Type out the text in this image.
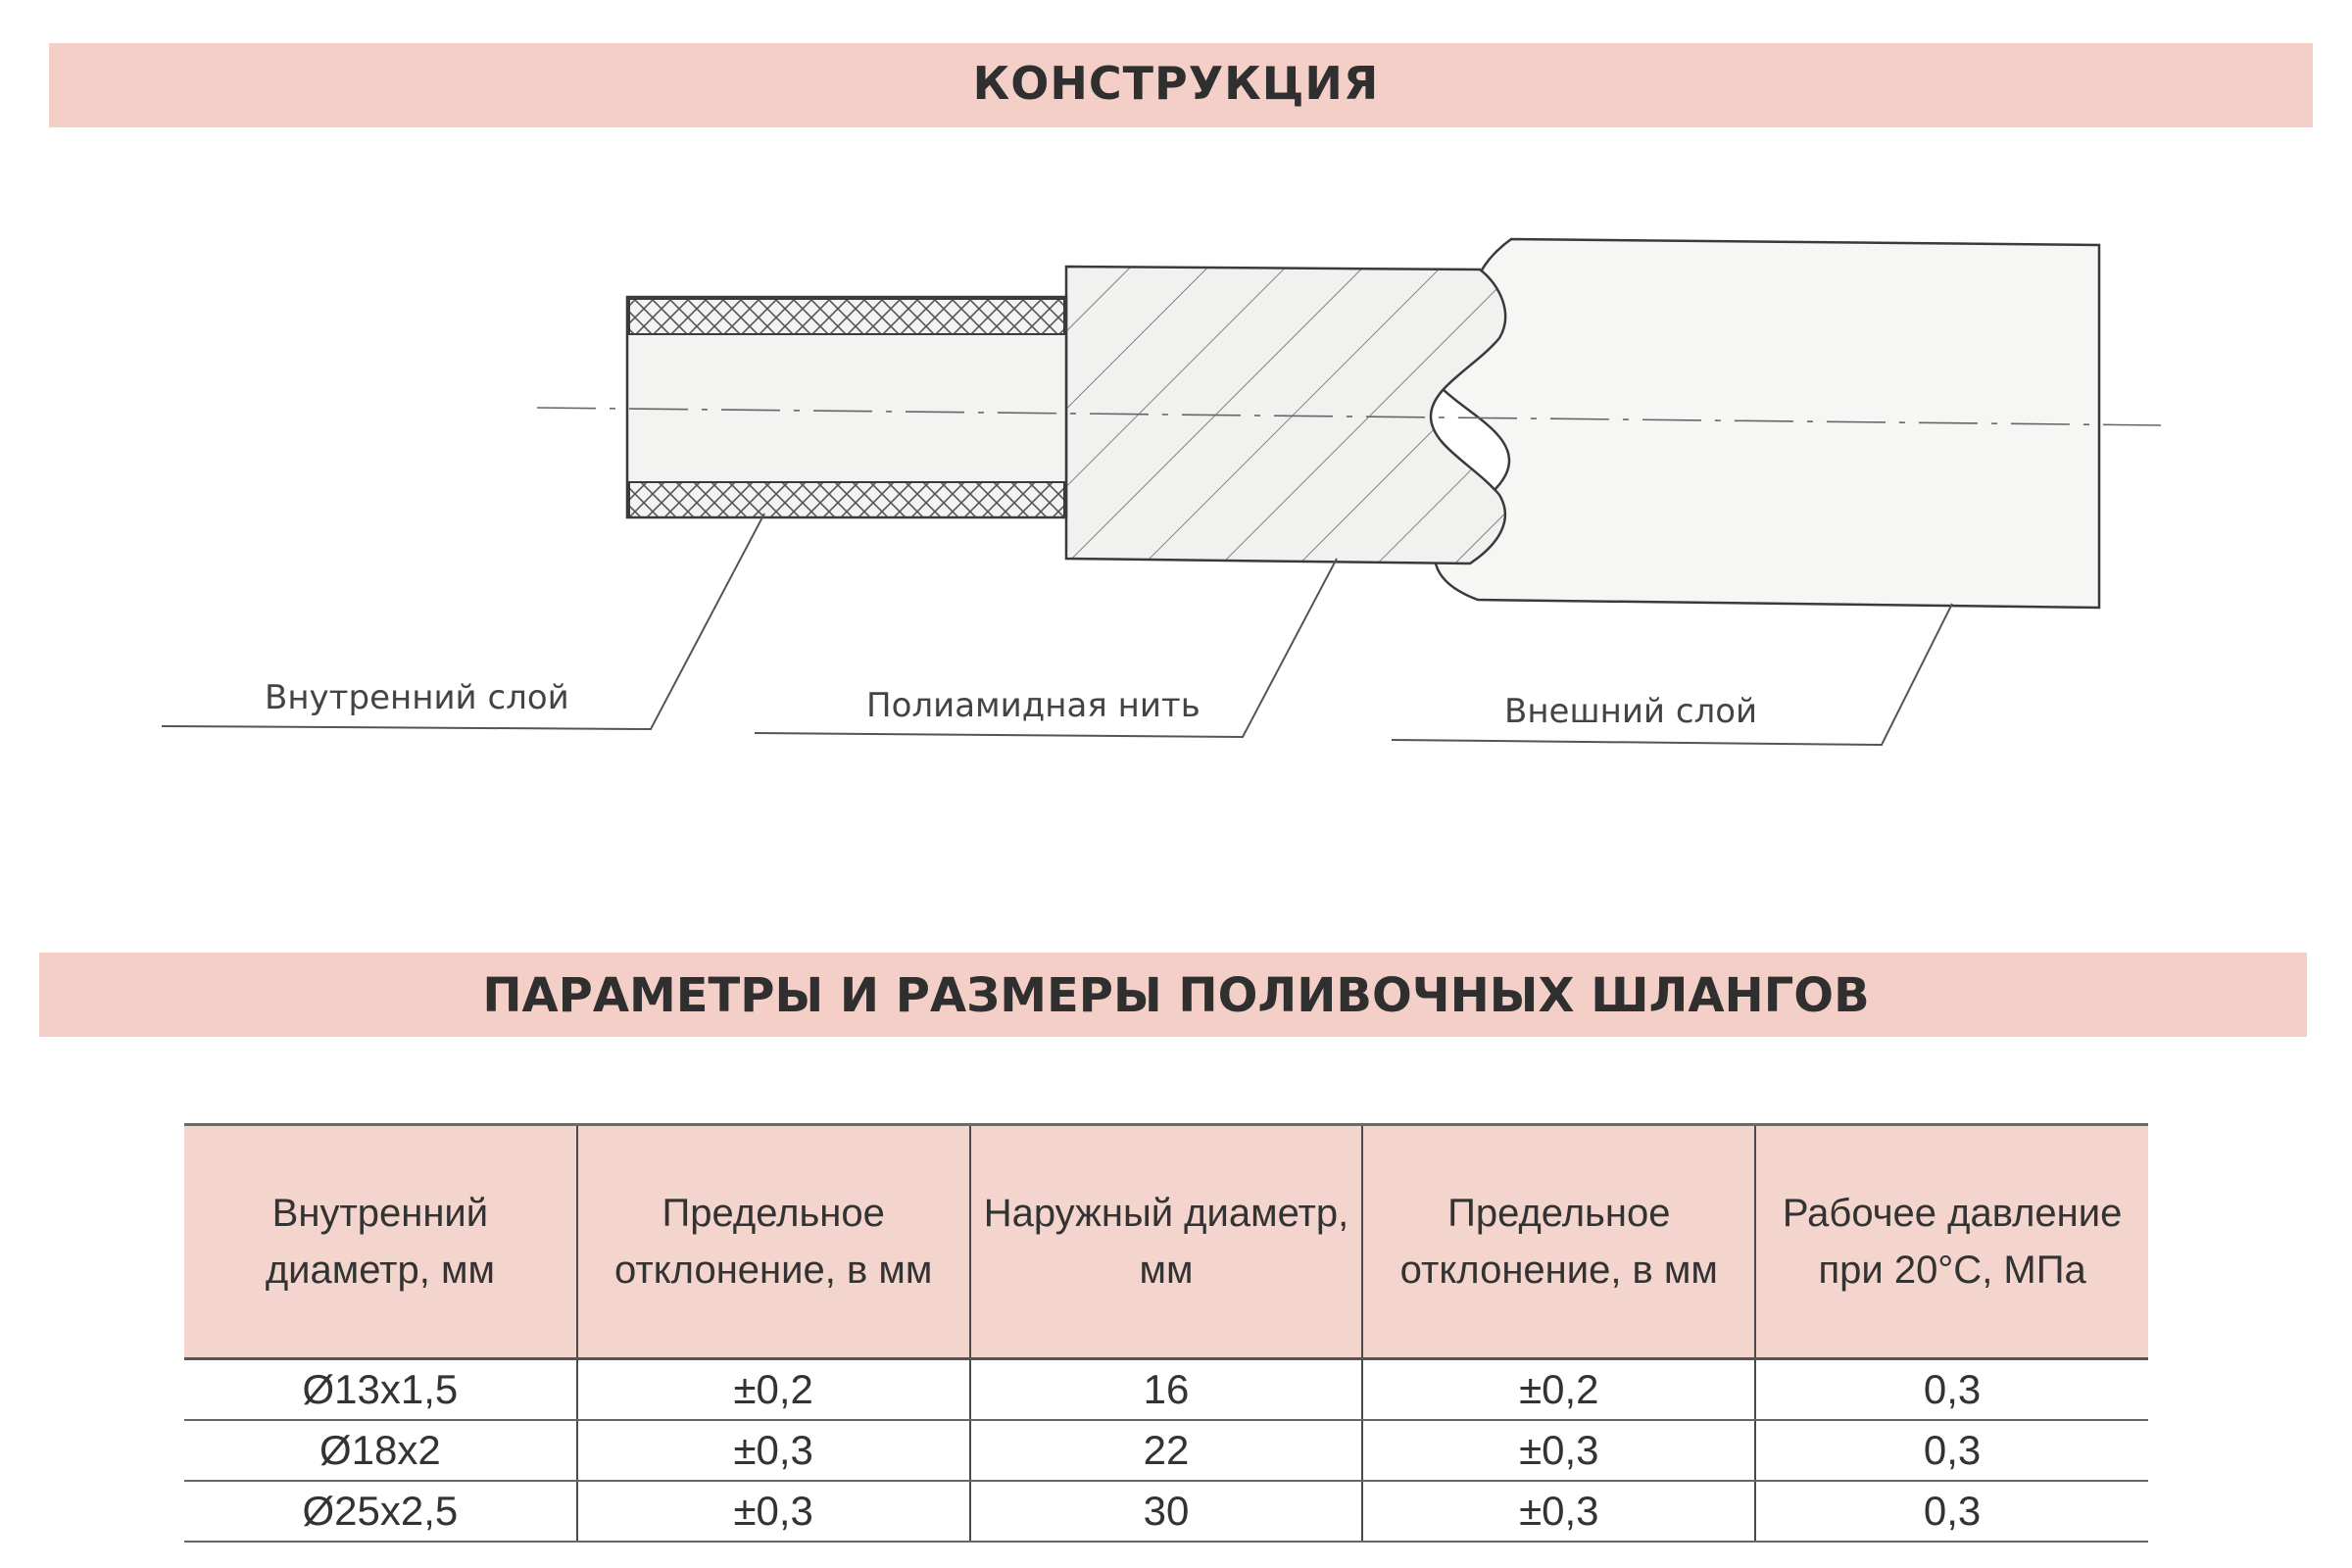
КОНСТРУКЦИЯ
Внутренний слой	Полиамидная нить	Внешний слой
ПАРАМЕТРЫ И РАЗМЕРЫ ПОЛИВОЧНЫХ ШЛАНГОВ
Внутренний диаметр, мм	Предельное отклонение, в мм	Наружный диаметр, мм	Предельное отклонение, в мм	Рабочее давление при 20°С, МПа
Ø13х1,5	±0,2	16	±0,2	0,3
Ø18х2	±0,3	22	±0,3	0,3
Ø25х2,5	±0,3	30	±0,3	0,3
